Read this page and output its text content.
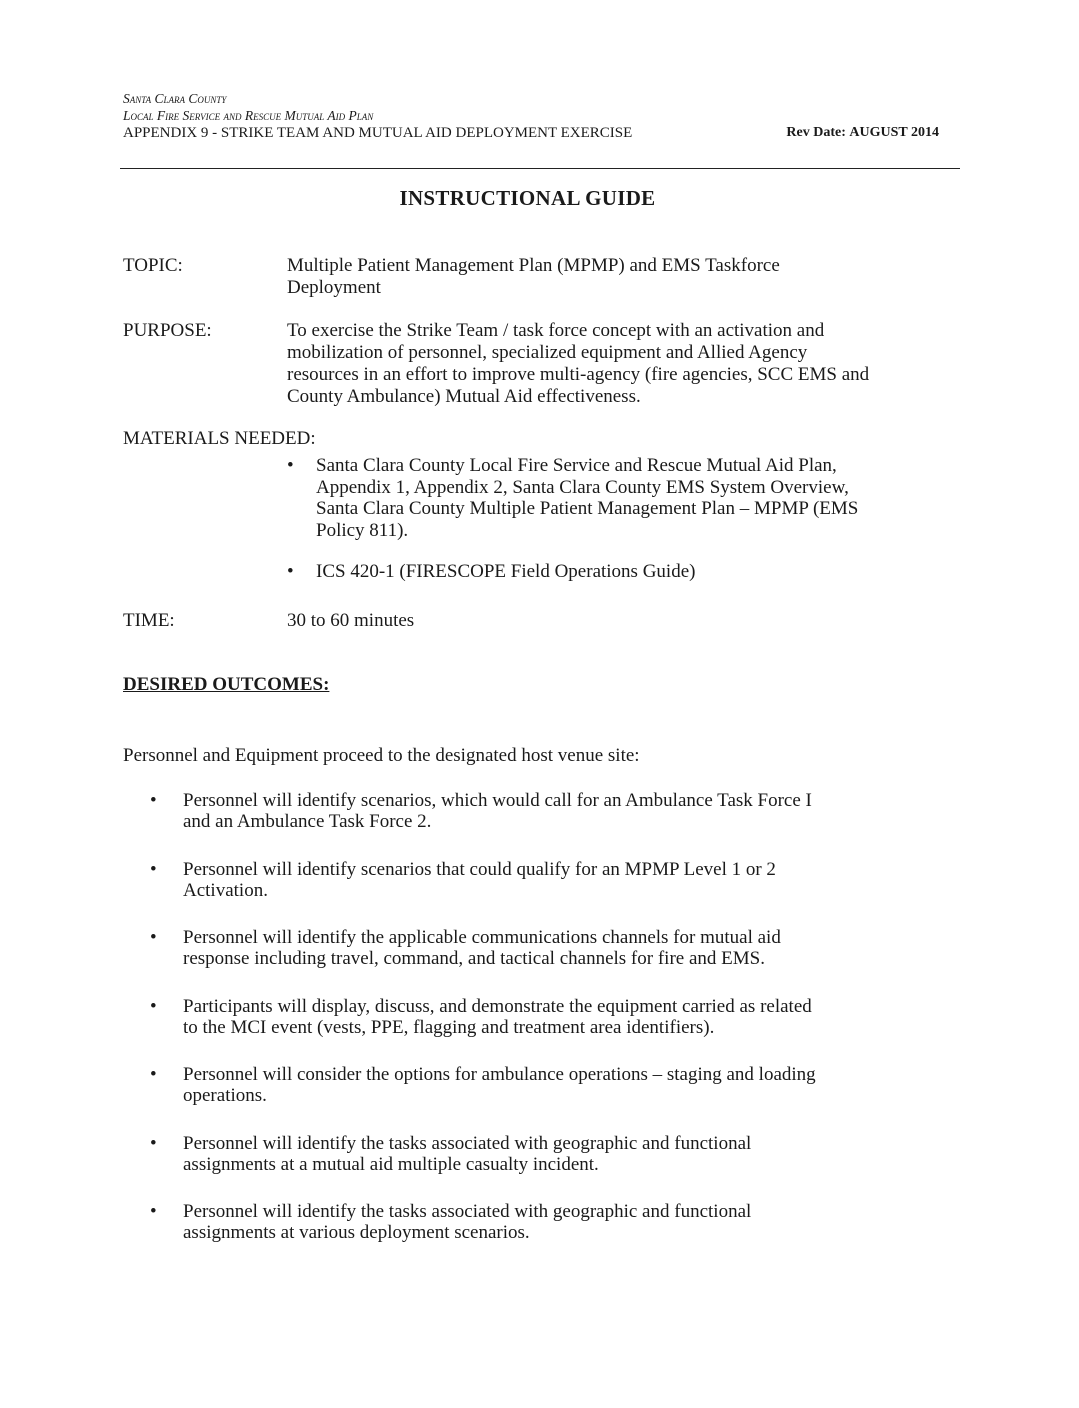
Santa Clara County
Local Fire Service and Rescue Mutual Aid Plan
APPENDIX 9 - STRIKE TEAM AND MUTUAL AID DEPLOYMENT EXERCISE	Rev Date: AUGUST 2014
INSTRUCTIONAL GUIDE
TOPIC:	Multiple Patient Management Plan (MPMP) and EMS Taskforce
Deployment
PURPOSE:	To exercise the Strike Team / task force concept with an activation and
mobilization of personnel, specialized equipment and Allied Agency
resources in an effort to improve multi-agency (fire agencies, SCC EMS and
County Ambulance) Mutual Aid effectiveness.
MATERIALS NEEDED:
• Santa Clara County Local Fire Service and Rescue Mutual Aid Plan,
Appendix 1, Appendix 2, Santa Clara County EMS System Overview,
Santa Clara County Multiple Patient Management Plan – MPMP (EMS
Policy 811).
• ICS 420-1 (FIRESCOPE Field Operations Guide)
TIME:	30 to 60 minutes
DESIRED OUTCOMES:
Personnel and Equipment proceed to the designated host venue site:
• Personnel will identify scenarios, which would call for an Ambulance Task Force I
and an Ambulance Task Force 2.
• Personnel will identify scenarios that could qualify for an MPMP Level 1 or 2
Activation.
• Personnel will identify the applicable communications channels for mutual aid
response including travel, command, and tactical channels for fire and EMS.
• Participants will display, discuss, and demonstrate the equipment carried as related
to the MCI event (vests, PPE, flagging and treatment area identifiers).
• Personnel will consider the options for ambulance operations – staging and loading
operations.
• Personnel will identify the tasks associated with geographic and functional
assignments at a mutual aid multiple casualty incident.
• Personnel will identify the tasks associated with geographic and functional
assignments at various deployment scenarios.
